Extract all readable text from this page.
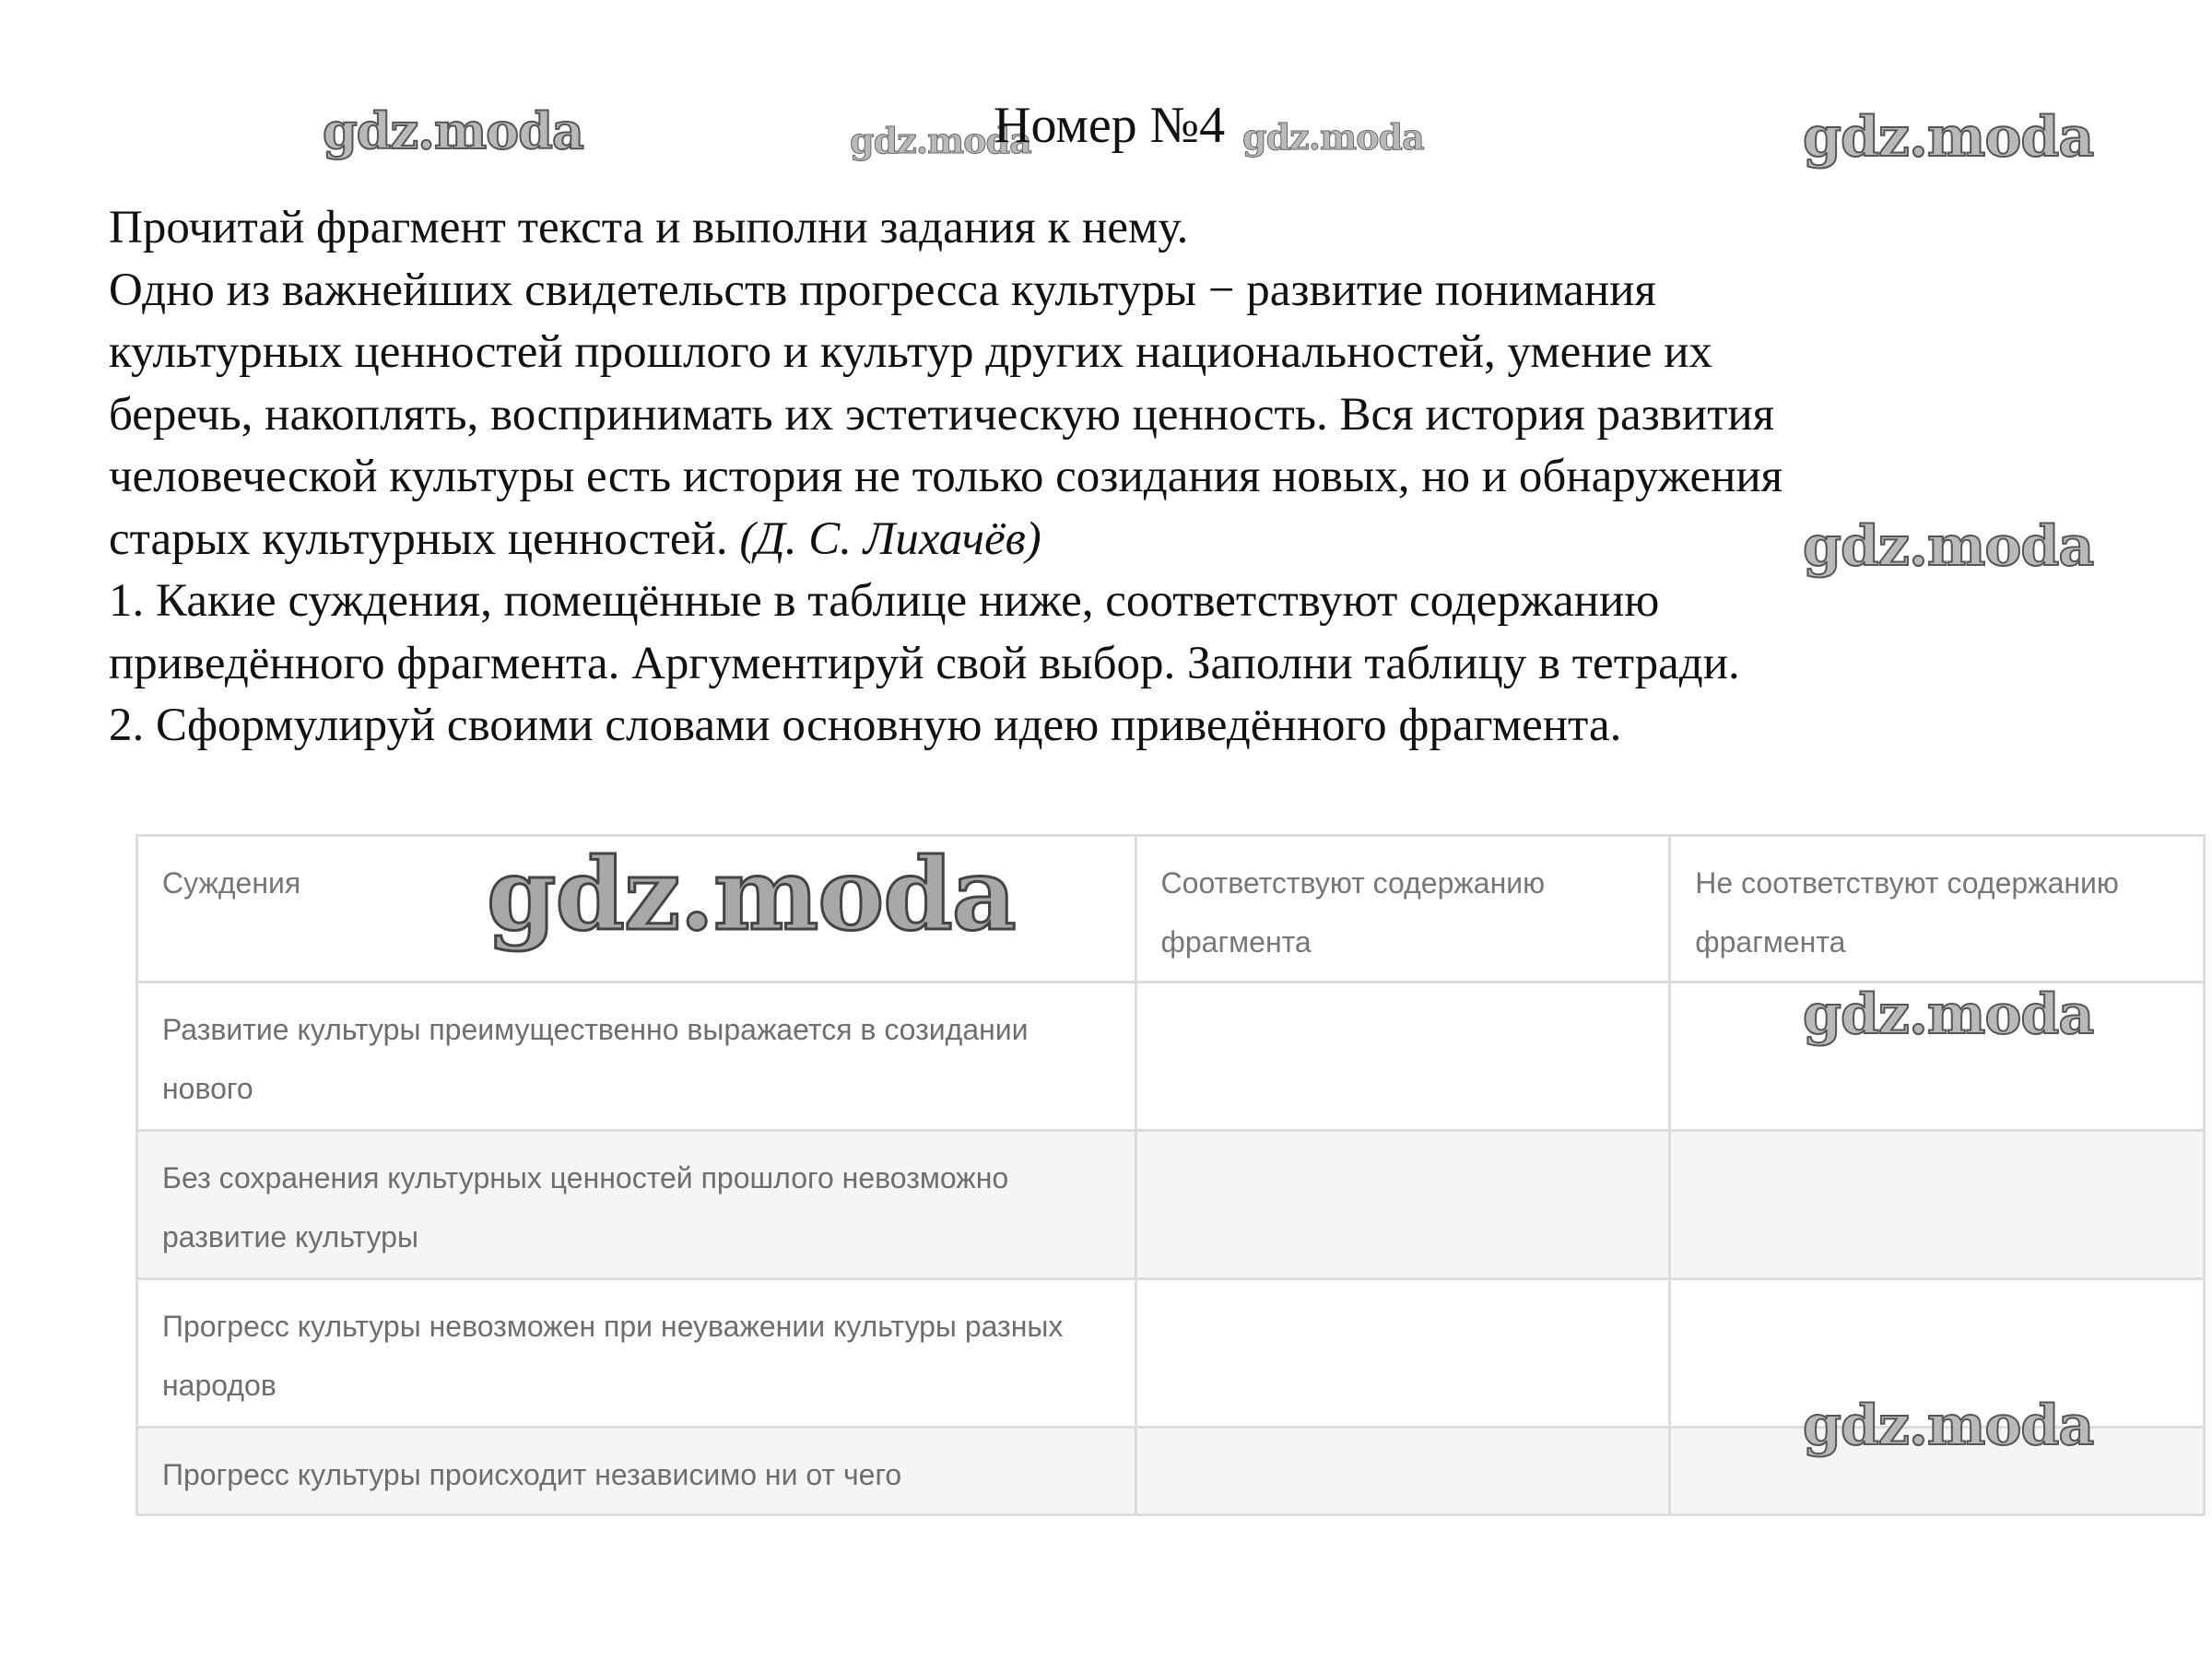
gdz.moda	gdz.moda
Номер №4 gdz.moda	gdz.moda

Прочитай фрагмент текста и выполни задания к нему.

Одно из важнейших свидетельств прогресса культуры − развитие понимания

культурных ценностей прошлого и культур других национальностей, умение их

беречь, накоплять, воспринимать их эстетическую ценность. Вся история развития

человеческой культуры есть история не только созидания новых, но и обнаружения

старых культурных ценностей. (Д. С. Лихачёв)

1. Какие суждения, помещённые в таблице ниже, соответствуют содержанию

приведённого фрагмента. Аргументируй свой выбор. Заполни таблицу в тетради.

2. Сформулируй своими словами основную идею приведённого фрагмента.

gdz.moda
Суждения	Соответствуют содержанию фрагмента	Не соответствуют содержанию фрагмента
Развитие культуры преимущественно выражается в созидании нового		
Без сохранения культурных ценностей прошлого невозможно развитие культуры		
Прогресс культуры невозможен при неуважении культуры разных народов		
Прогресс культуры происходит независимо ни от чего		
gdz.moda
gdz.moda
gdz.moda
